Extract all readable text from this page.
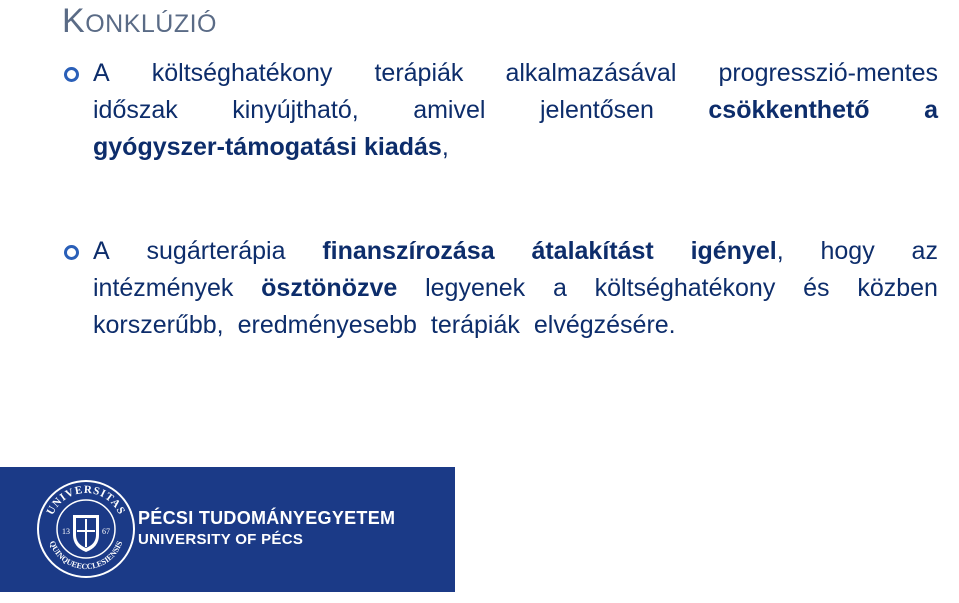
KONKLÚZIÓ
A költséghatékony terápiák alkalmazásával progresszió-mentes
időszak kinyújtható, amivel jelentősen csökkenthető a
gyógyszer-támogatási kiadás,
A sugárterápia finanszírozása átalakítást igényel, hogy az
intézmények ösztönözve legyenek a költséghatékony és közben
korszerűbb, eredményesebb terápiák elvégzésére.
UNIVERSITAS
QUINQUEECCLESIENSIS
13	67
PÉCSI TUDOMÁNYEGYETEM
UNIVERSITY OF PÉCS
